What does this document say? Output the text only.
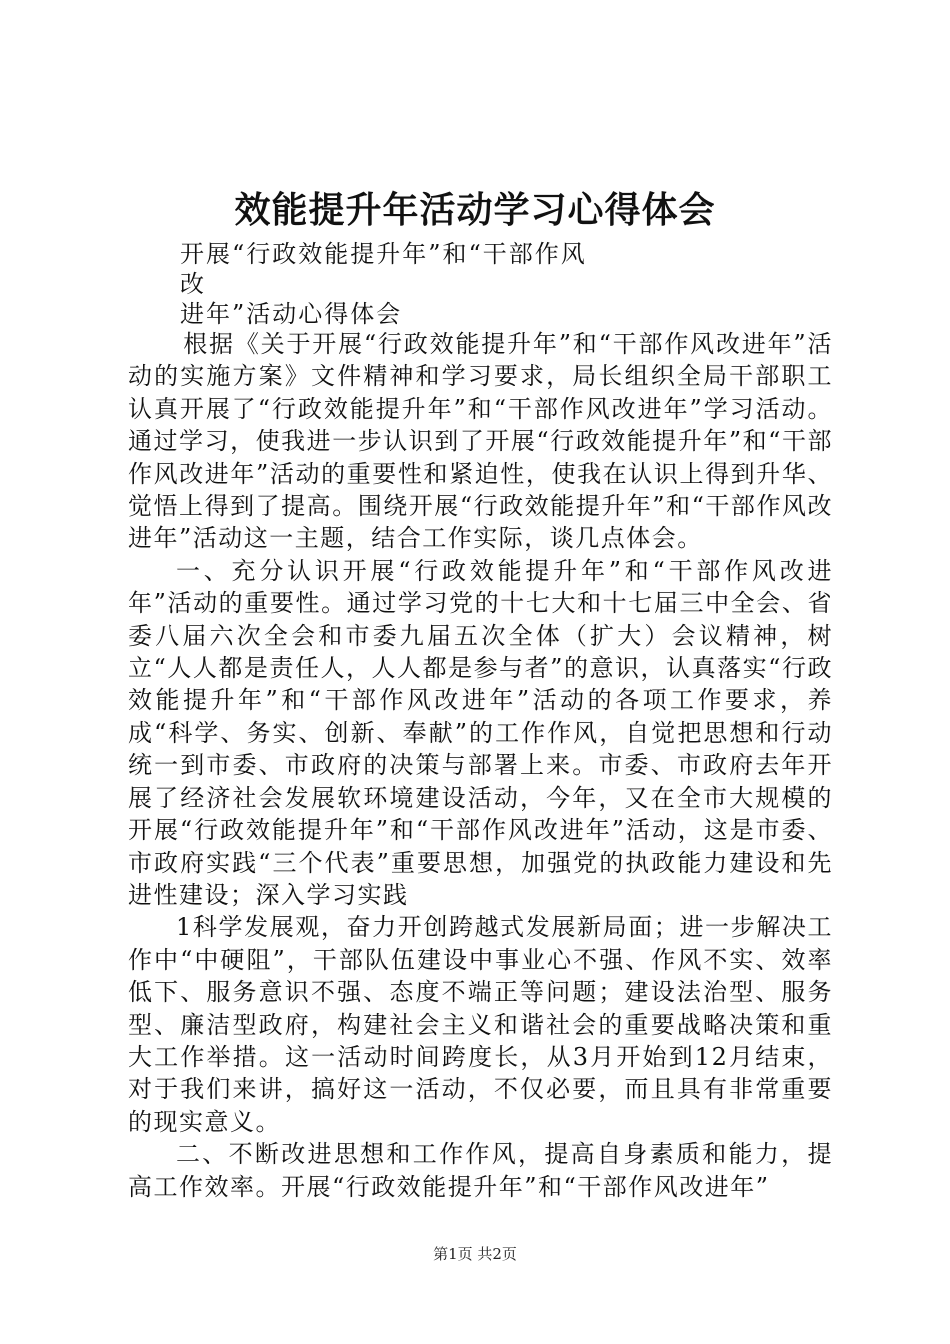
效能提升年活动学习心得体会
开展“行政效能提升年”和“干部作风
改
进年”活动心得体会

根据《关于开展“行政效能提升年”和“干部作风改进年”活动的实施方案》文件精神和学习要求，局长组织全局干部职工认真开展了“行政效能提升年”和“干部作风改进年”学习活动。通过学习，使我进一步认识到了开展“行政效能提升年”和“干部作风改进年”活动的重要性和紧迫性，使我在认识上得到升华、觉悟上得到了提高。围绕开展“行政效能提升年”和“干部作风改进年”活动这一主题，结合工作实际，谈几点体会。

一、充分认识开展“行政效能提升年”和“干部作风改进年”活动的重要性。通过学习党的十七大和十七届三中全会、省委八届六次全会和市委九届五次全体（扩大）会议精神，树立“人人都是责任人，人人都是参与者”的意识，认真落实“行政效能提升年”和“干部作风改进年”活动的各项工作要求，养成“科学、务实、创新、奉献”的工作作风，自觉把思想和行动统一到市委、市政府的决策与部署上来。市委、市政府去年开展了经济社会发展软环境建设活动，今年，又在全市大规模的开展“行政效能提升年”和“干部作风改进年”活动，这是市委、市政府实践“三个代表”重要思想，加强党的执政能力建设和先进性建设；深入学习实践

1科学发展观，奋力开创跨越式发展新局面；进一步解决工作中“中硬阻”，干部队伍建设中事业心不强、作风不实、效率低下、服务意识不强、态度不端正等问题；建设法治型、服务型、廉洁型政府，构建社会主义和谐社会的重要战略决策和重大工作举措。这一活动时间跨度长，从3月开始到12月结束，对于我们来讲，搞好这一活动，不仅必要，而且具有非常重要的现实意义。

二、不断改进思想和工作作风，提高自身素质和能力，提高工作效率。开展“行政效能提升年”和“干部作风改进年”

第1页 共2页
